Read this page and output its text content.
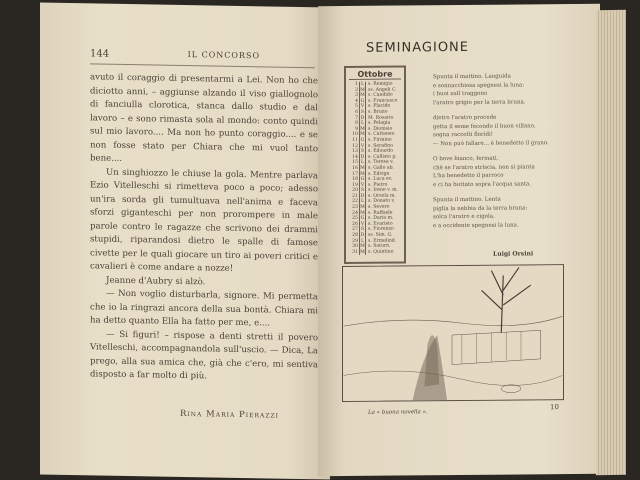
144	IL CONCORSO

avuto il coraggio di presentarmi a Lei. Non ho che diciotto anni, – aggiunse alzando il viso giallognolo di fanciulla clorotica, stanca dallo studio e dal lavoro – e sono rimasta sola al mondo: conto quindi sul mio lavoro.... Ma non ho punto coraggio.... e se non fosse stato per Chiara che mi vuol tanto bene....

Un singhiozzo le chiuse la gola. Mentre parlava Ezio Vitelleschi si rimetteva poco a poco; adesso un'ira sorda gli tumultuava nell'anima e faceva sforzi giganteschi per non prorompere in male parole contro le ragazze che scrivono dei drammi stupidi, riparandosi dietro le spalle di famose civette per le quali giocare un tiro ai poveri critici e cavalieri è come andare a nozze!

Jeanne d'Aubry si alzò.

— Non voglio disturbarla, signore. Mi permetta che io la ringrazi ancora della sua bontà. Chiara mi ha detto quanto Ella ha fatto per me, e....

— Si figuri! – rispose a denti stretti il povero Vitelleschi, accompagnandola sull'uscio. — Dica, La prego, alla sua amica che, già che c'ero, mi sentiva disposto a far molto di più.

Rina Maria Pierazzi
SEMINAGIONE
Ottobre
1 L s. Remigio
2 M ss. Angeli C.
3 M s. Candido
4 G s. Francesco
5 V s. Placido
6 S s. Bruno
7 D M. Rosario
8 L s. Pelagia
9 M s. Dionisio
10 M s. Cattaneo
11 G s. Firmino
12 V s. Serafino
13 S s. Edoardo
14 D s. Callisto p.
15 L s. Teresa v.
16 M s. Gallo ab.
17 M s. Edvige
18 G s. Luca ev.
19 V s. Pietro
20 S s. Irene v. m.
21 D s. Orsola m.
22 L s. Donato v.
23 M s. Severo
24 M s. Raffaele
25 G s. Daria m.
26 V s. Evaristo
27 S s. Fiorenzo
28 D ss. Sim. G.
29 L s. Ermelind.
30 M s. Saturn.
31 M s. Quintino
Spunta il mattino. Languida
e sonnacchiosa spegnesi la luna:
i buoi sull traggono
l'aratro grigio per la terra bruna.
dietro l'aratro procede
getta il seme fecondo il buon villano,
sogna raccolti floridi!
— Non può fallare... è benedetto il grano.
O bove bianco, fermati,
chè se l'aratro striscia, non si pianta
L'ha benedetto il parroco
e ci ha buttato sopra l'acqua santa.
Spunta il mattino. Lenta
piglia la nebbia da la terra bruna:
solca l'aratro e cigola,
e a occidente spegnesi la luna.
Luigi Orsini
La « buona novella ».
10
